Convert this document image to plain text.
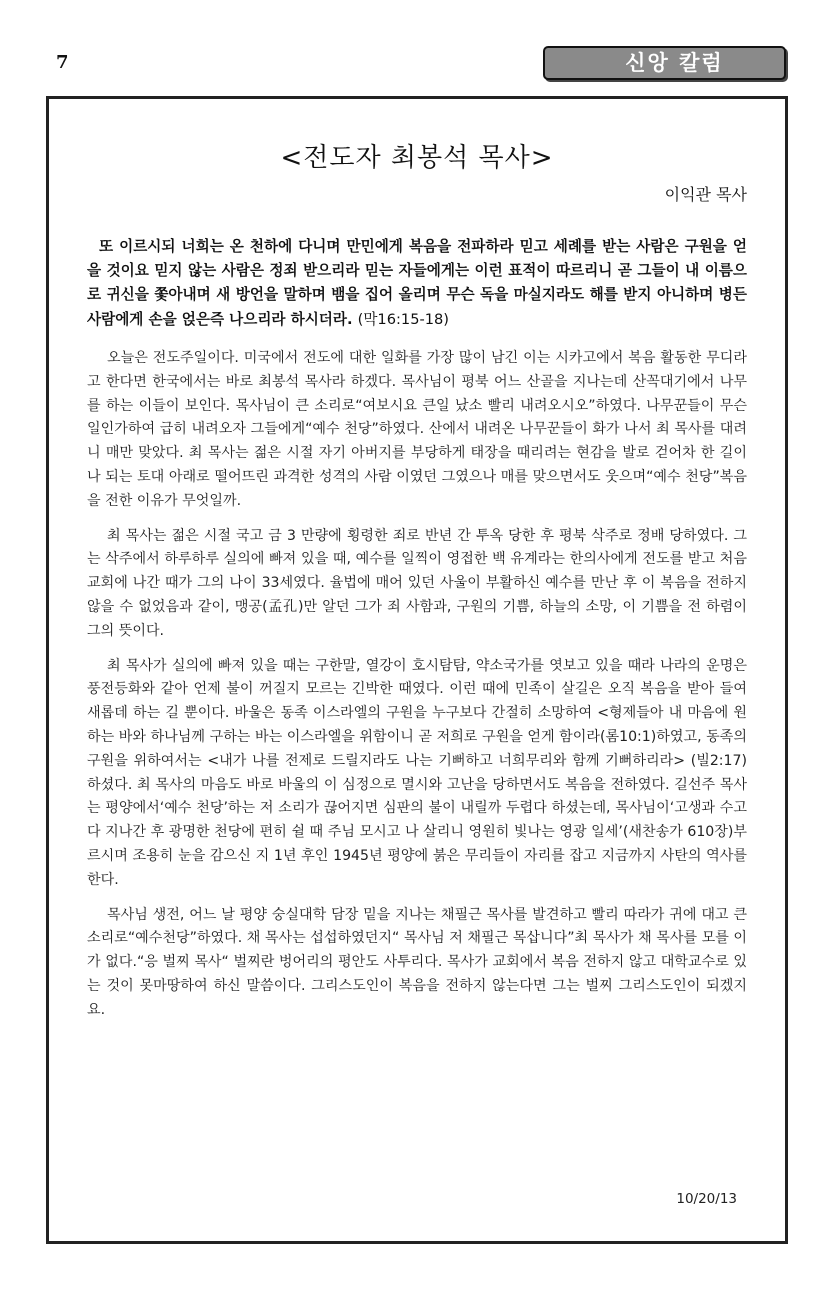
7	신앙 칼럼
<전도자 최봉석 목사>
이익관 목사
또 이르시되 너희는 온 천하에 다니며 만민에게 복음을 전파하라 믿고 세례를 받는 사람은 구원을 얻을 것이요 믿지 않는 사람은 정죄 받으리라 믿는 자들에게는 이런 표적이 따르리니 곧 그들이 내 이름으로 귀신을 쫓아내며 새 방언을 말하며 뱀을 집어 올리며 무슨 독을 마실지라도 해를 받지 아니하며 병든 사람에게 손을 얹은즉 나으리라 하시더라. (막16:15-18)

오늘은 전도주일이다. 미국에서 전도에 대한 일화를 가장 많이 남긴 이는 시카고에서 복음 활동한 무디라고 한다면 한국에서는 바로 최봉석 목사라 하겠다. 목사님이 평북 어느 산골을 지나는데 산꼭대기에서 나무를 하는 이들이 보인다. 목사님이 큰 소리로“여보시요 큰일 났소 빨리 내려오시오”하였다. 나무꾼들이 무슨 일인가하여 급히 내려오자 그들에게“예수 천당”하였다. 산에서 내려온 나무꾼들이 화가 나서 최 목사를 대려니 매만 맞았다. 최 목사는 젊은 시절 자기 아버지를 부당하게 태장을 때리려는 현감을 발로 걷어차 한 길이나 되는 토대 아래로 떨어뜨린 과격한 성격의 사람 이였던 그였으나 매를 맞으면서도 웃으며“예수 천당”복음을 전한 이유가 무엇일까.

최 목사는 젊은 시절 국고 금 3 만량에 횡령한 죄로 반년 간 투옥 당한 후 평북 삭주로 정배 당하였다. 그는 삭주에서 하루하루 실의에 빠져 있을 때, 예수를 일찍이 영접한 백 유계라는 한의사에게 전도를 받고 처음 교회에 나간 때가 그의 나이 33세였다. 율법에 매어 있던 사울이 부활하신 예수를 만난 후 이 복음을 전하지 않을 수 없었음과 같이, 맹공(孟孔)만 알던 그가 죄 사함과, 구원의 기쁨, 하늘의 소망, 이 기쁨을 전 하렴이 그의 뜻이다.

최 목사가 실의에 빠져 있을 때는 구한말, 열강이 호시탐탐, 약소국가를 엿보고 있을 때라 나라의 운명은 풍전등화와 같아 언제 불이 꺼질지 모르는 긴박한 때였다. 이런 때에 민족이 살길은 오직 복음을 받아 들여 새롭데 하는 길 뿐이다. 바울은 동족 이스라엘의 구원을 누구보다 간절히 소망하여 <형제들아 내 마음에 원하는 바와 하나님께 구하는 바는 이스라엘을 위함이니 곧 저희로 구원을 얻게 함이라(롬10:1)하였고, 동족의 구원을 위하여서는 <내가 나를 전제로 드릴지라도 나는 기뻐하고 너희무리와 함께 기뻐하리라> (빌2:17)하셨다. 최 목사의 마음도 바로 바울의 이 심정으로 멸시와 고난을 당하면서도 복음을 전하였다. 길선주 목사는 평양에서‘예수 천당’하는 저 소리가 끊어지면 심판의 불이 내릴까 두렵다 하셨는데, 목사님이‘고생과 수고 다 지나간 후 광명한 천당에 편히 쉴 때 주님 모시고 나 살리니 영원히 빛나는 영광 일세’(새찬송가 610장)부르시며 조용히 눈을 감으신 지 1년 후인 1945년 평양에 붉은 무리들이 자리를 잡고 지금까지 사탄의 역사를 한다.

목사님 생전, 어느 날 평양 숭실대학 담장 밑을 지나는 채필근 목사를 발견하고 빨리 따라가 귀에 대고 큰소리로“예수천당”하였다. 채 목사는 섭섭하였던지“ 목사님 저 채필근 목삽니다”최 목사가 채 목사를 모를 이가 없다.“응 벌찌 목사“ 벌찌란 벙어리의 평안도 사투리다. 목사가 교회에서 복음 전하지 않고 대학교수로 있는 것이 못마땅하여 하신 말씀이다. 그리스도인이 복음을 전하지 않는다면 그는 벌찌 그리스도인이 되겠지요.

10/20/13
